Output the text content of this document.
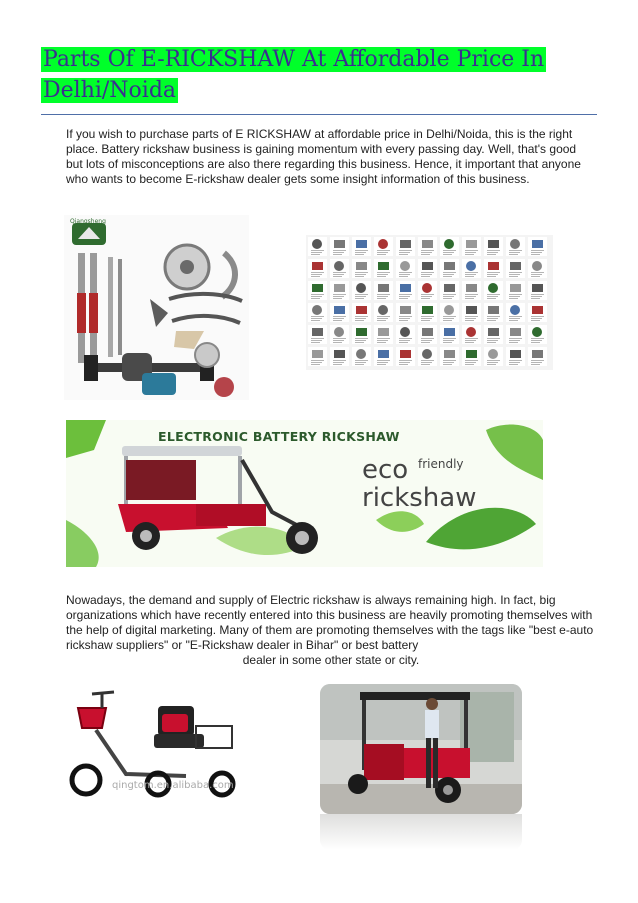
Parts Of E-RICKSHAW At Affordable Price In
Delhi/Noida

If you wish to purchase parts of E RICKSHAW at affordable price in Delhi/Noida, this is the right place. Battery rickshaw business is gaining momentum with every passing day. Well, that's good but lots of misconceptions are also there regarding this business. Hence, it important that anyone who wants to become E-rickshaw dealer gets some insight information of this business.

Qiangsheng
ELECTRONIC BATTERY RICKSHAW
eco friendly
rickshaw

Nowadays, the demand and supply of Electric rickshaw is always remaining high. In fact, big organizations which have recently entered into this business are heavily promoting themselves with the help of digital marketing. Many of them are promoting themselves with the tags like "best e-auto rickshaw suppliers" or "E-Rickshaw dealer in Bihar" or best battery
dealer in some other state or city.

qingtom.en.alibaba.com
